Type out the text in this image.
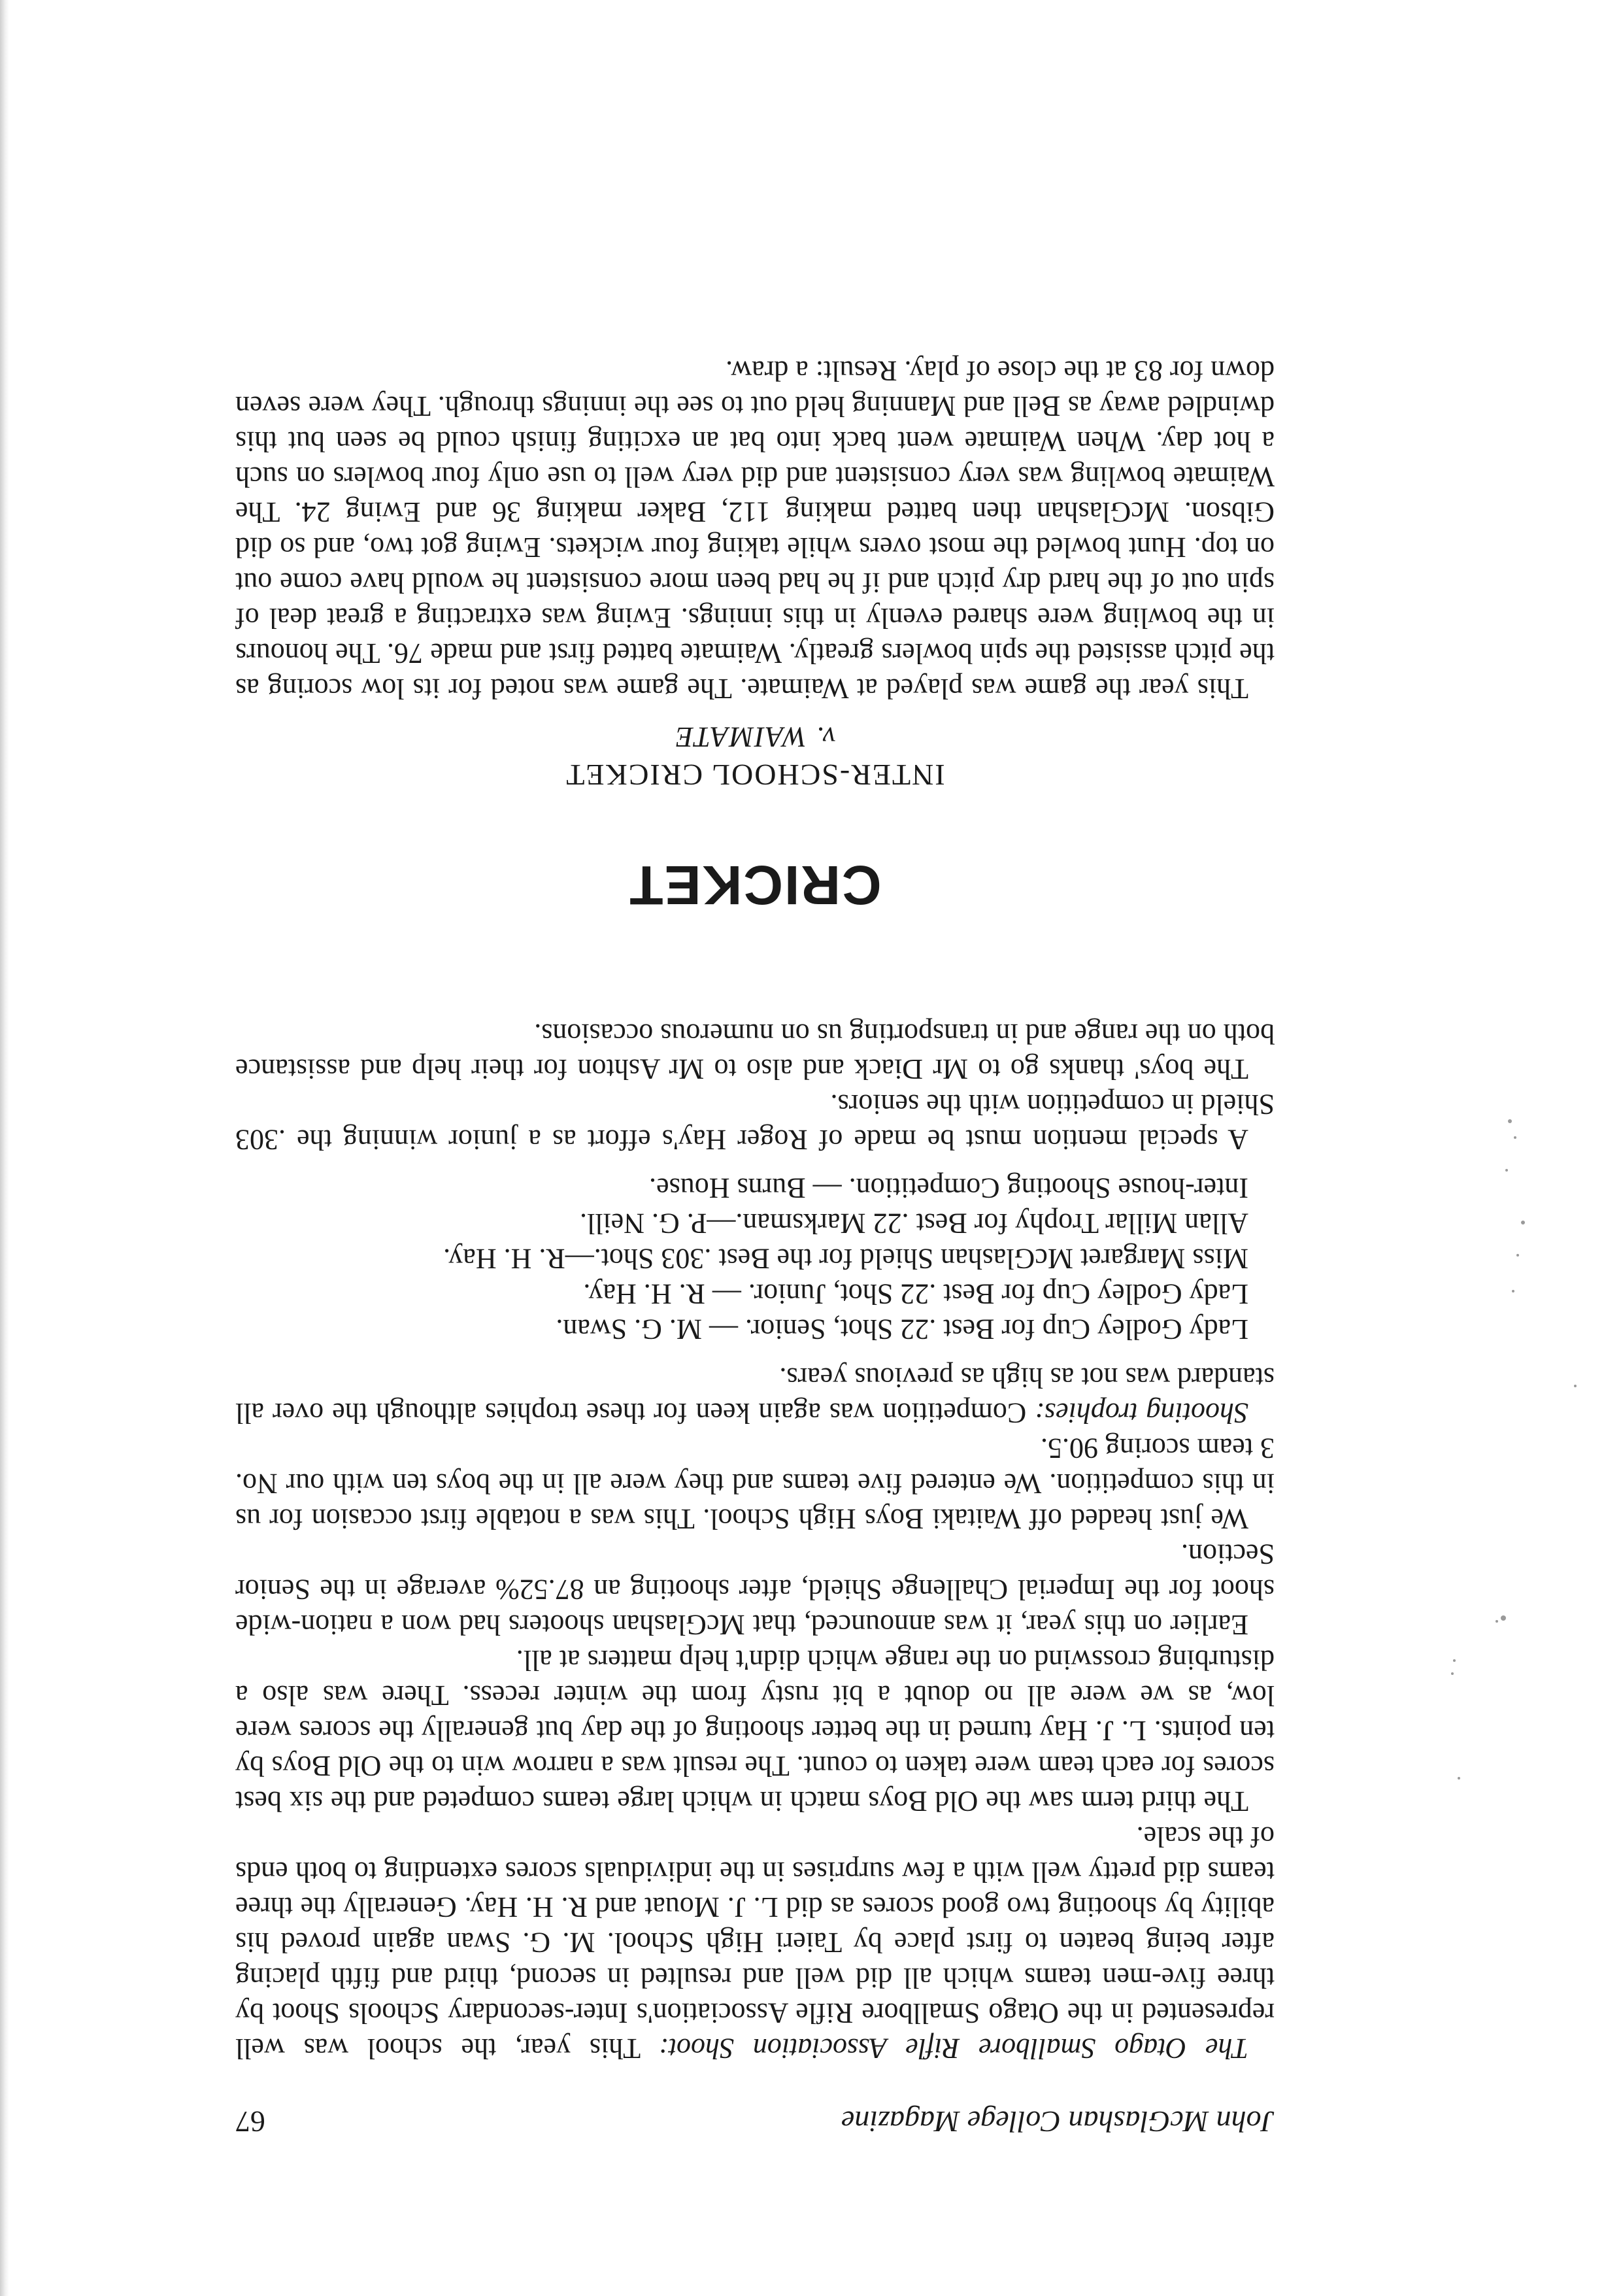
John McGlashan College Magazine
67

The Otago Smallbore Rifle Association Shoot: This year, the school was well represented in the Otago Smallbore Rifle Association's Inter-secondary Schools Shoot by three five-men teams which all did well and resulted in second, third and fifth placing after being beaten to first place by Taieri High School. M. G. Swan again proved his ability by shooting two good scores as did L. J. Mouat and R. H. Hay. Generally the three teams did pretty well with a few surprises in the individuals scores extending to both ends of the scale.

The third term saw the Old Boys match in which large teams competed and the six best scores for each team were taken to count. The result was a narrow win to the Old Boys by ten points. L. J. Hay turned in the better shooting of the day but generally the scores were low, as we were all no doubt a bit rusty from the winter recess. There was also a disturbing crosswind on the range which didn't help matters at all.

Earlier on this year, it was announced, that McGlashan shooters had won a nation-wide shoot for the Imperial Challenge Shield, after shooting an 87.52% average in the Senior Section.

We just headed off Waitaki Boys High School. This was a notable first occasion for us in this competition. We entered five teams and they were all in the boys ten with our No. 3 team scoring 90.5.

Shooting trophies: Competition was again keen for these trophies although the over all standard was not as high as previous years.

Lady Godley Cup for Best .22 Shot, Senior. — M. G. Swan.

Lady Godley Cup for Best .22 Shot, Junior. — R. H. Hay.

Miss Margaret McGlashan Shield for the Best .303 Shot.—R. H. Hay.

Allan Millar Trophy for Best .22 Marksman.—P. G. Neill.

Inter-house Shooting Competition. — Burns House.

A special mention must be made of Roger Hay's effort as a junior winning the .303 Shield in competition with the seniors.

The boys' thanks go to Mr Diack and also to Mr Ashton for their help and assistance both on the range and in transporting us on numerous occasions.

CRICKET
INTER-SCHOOL CRICKET
v. WAIMATE

This year the game was played at Waimate. The game was noted for its low scoring as the pitch assisted the spin bowlers greatly. Waimate batted first and made 76. The honours in the bowling were shared evenly in this innings. Ewing was extracting a great deal of spin out of the hard dry pitch and if he had been more consistent he would have come out on top. Hunt bowled the most overs while taking four wickets. Ewing got two, and so did Gibson. McGlashan then batted making 112, Baker making 36 and Ewing 24. The Waimate bowling was very consistent and did very well to use only four bowlers on such a hot day. When Waimate went back into bat an exciting finish could be seen but this dwindled away as Bell and Manning held out to see the innings through. They were seven down for 83 at the close of play. Result: a draw.
